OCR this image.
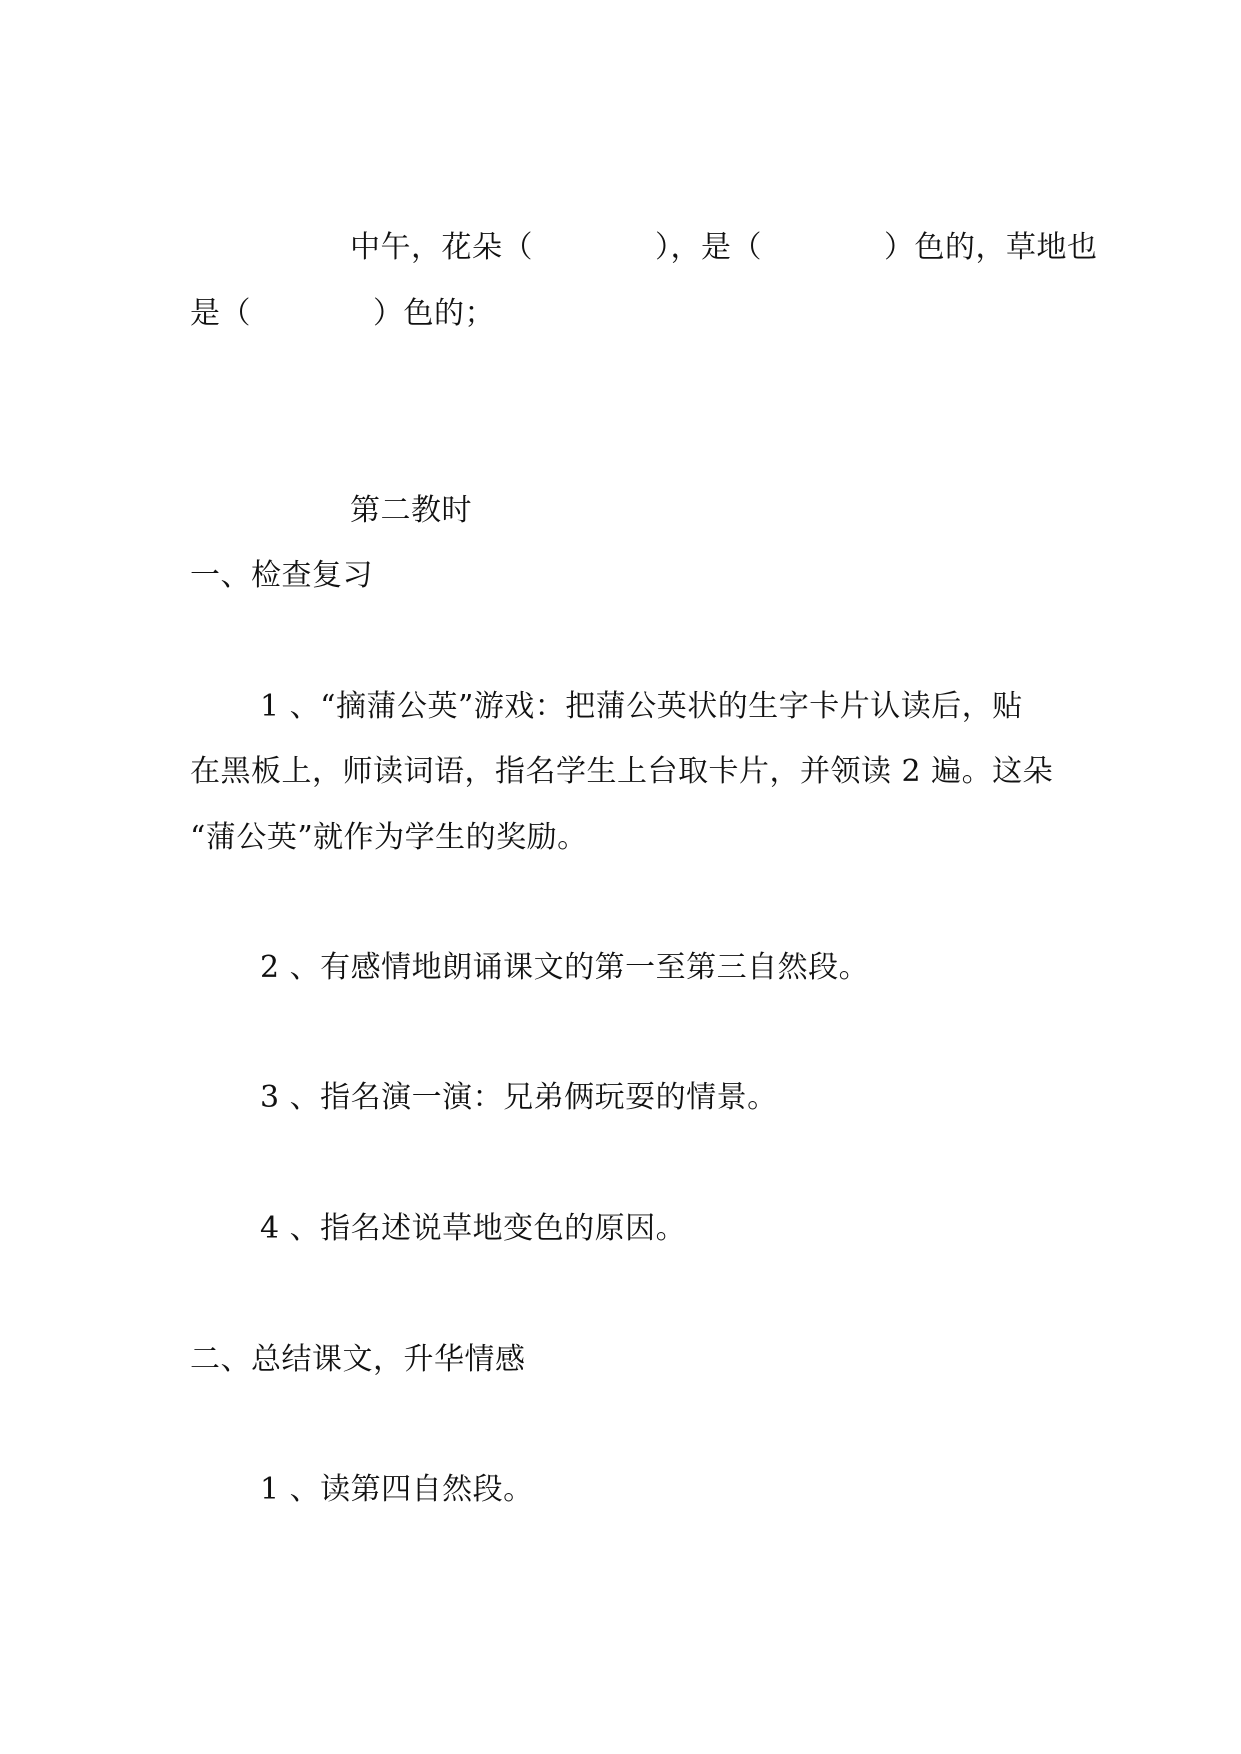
中午，花朵（　　　　），是（　　　　）色的，草地也
是（　　　　）色的；
第二教时
一、检查复习
1 、“摘蒲公英”游戏：把蒲公英状的生字卡片认读后，贴
在黑板上，师读词语，指名学生上台取卡片，并领读 2 遍。这朵
“蒲公英”就作为学生的奖励。
2 、有感情地朗诵课文的第一至第三自然段。
3 、指名演一演：兄弟俩玩耍的情景。
4 、指名述说草地变色的原因。
二、总结课文，升华情感
1 、读第四自然段。
